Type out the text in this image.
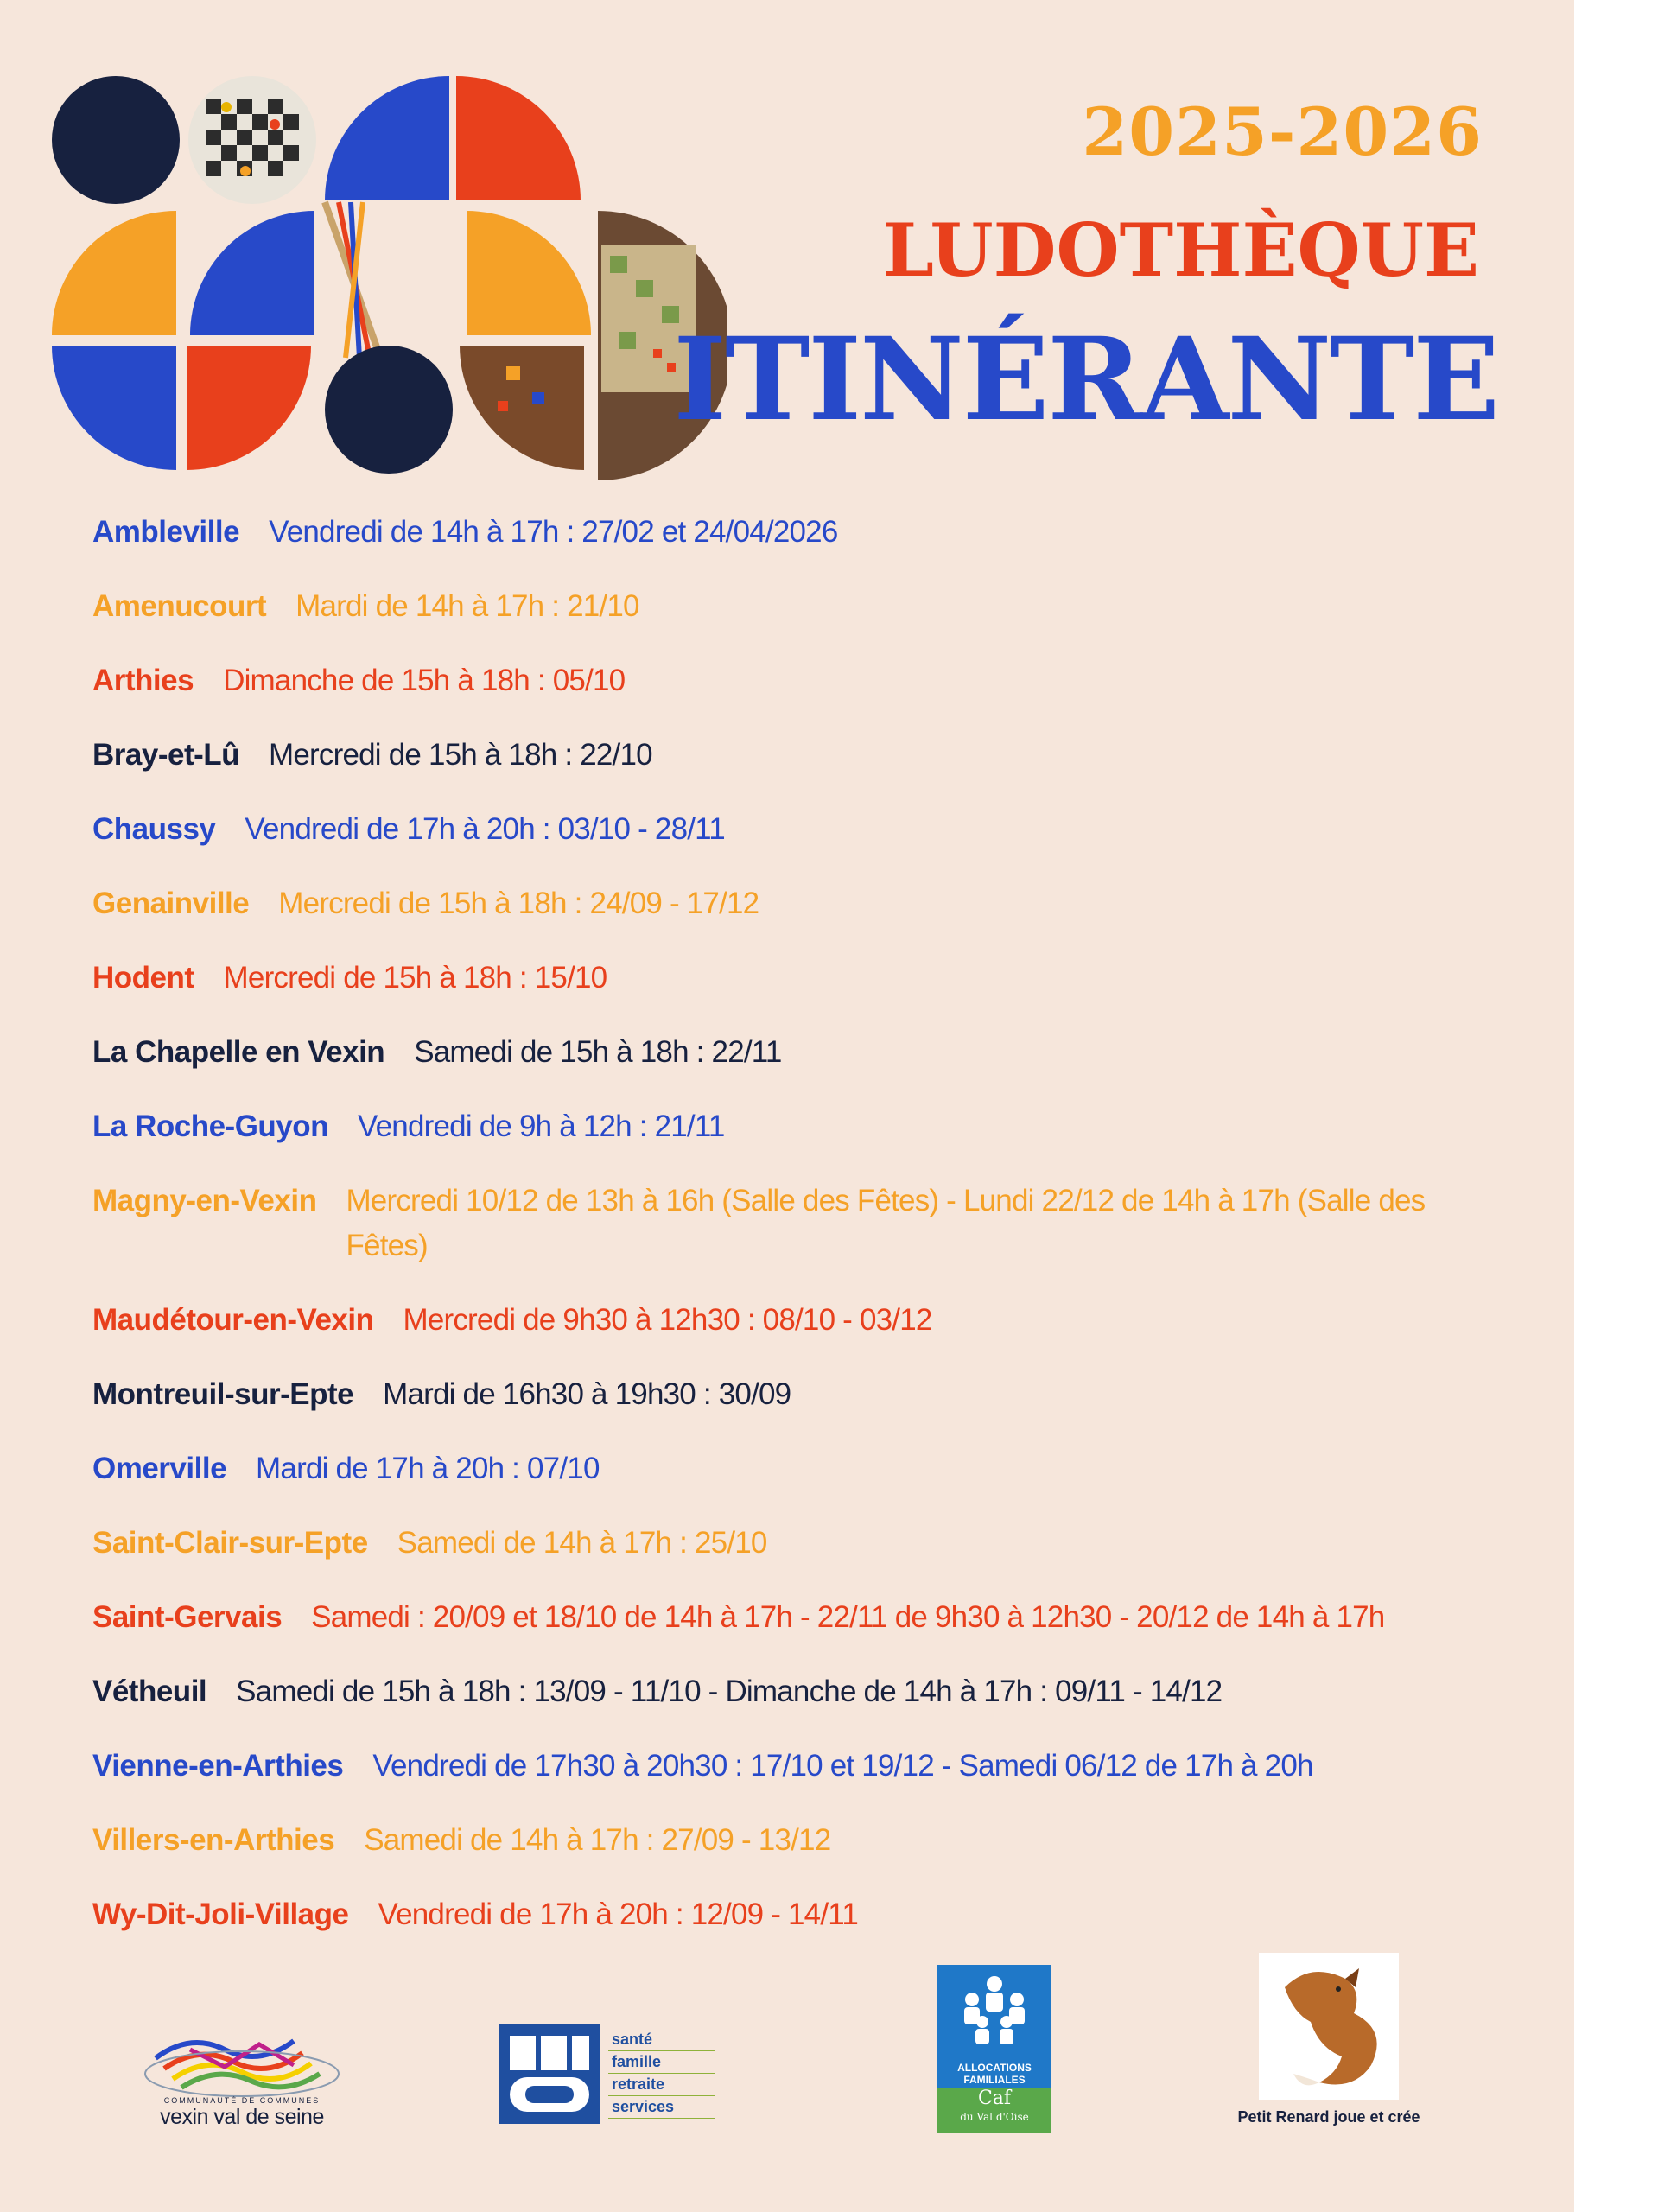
2025-2026
LUDOTHÈQUE
ITINÉRANTE
Ambleville Vendredi de 14h à 17h : 27/02 et 24/04/2026
Amenucourt Mardi de 14h à 17h : 21/10
Arthies Dimanche de 15h à 18h : 05/10
Bray-et-Lû Mercredi de 15h à 18h : 22/10
Chaussy Vendredi de 17h à 20h : 03/10 - 28/11
Genainville Mercredi de 15h à 18h : 24/09 - 17/12
Hodent Mercredi de 15h à 18h : 15/10
La Chapelle en Vexin Samedi de 15h à 18h : 22/11
La Roche-Guyon Vendredi de 9h à 12h : 21/11
Magny-en-Vexin Mercredi 10/12 de 13h à 16h (Salle des Fêtes) - Lundi 22/12 de 14h à 17h (Salle des Fêtes)
Maudétour-en-Vexin Mercredi de 9h30 à 12h30 : 08/10 - 03/12
Montreuil-sur-Epte Mardi de 16h30 à 19h30 : 30/09
Omerville Mardi de 17h à 20h : 07/10
Saint-Clair-sur-Epte Samedi de 14h à 17h : 25/10
Saint-Gervais Samedi : 20/09 et 18/10 de 14h à 17h - 22/11 de 9h30 à 12h30 - 20/12 de 14h à 17h
Vétheuil Samedi de 15h à 18h : 13/09 - 11/10 - Dimanche de 14h à 17h : 09/11 - 14/12
Vienne-en-Arthies Vendredi de 17h30 à 20h30 : 17/10 et 19/12 - Samedi 06/12 de 17h à 20h
Villers-en-Arthies Samedi de 14h à 17h : 27/09 - 13/12
Wy-Dit-Joli-Village Vendredi de 17h à 20h : 12/09 - 14/11
COMMUNAUTÉ DE COMMUNES
vexin val de seine
santé
famille
retraite
services
ALLOCATIONS
FAMILIALES
Caf
du Val d'Oise	Petit Renard joue et crée
